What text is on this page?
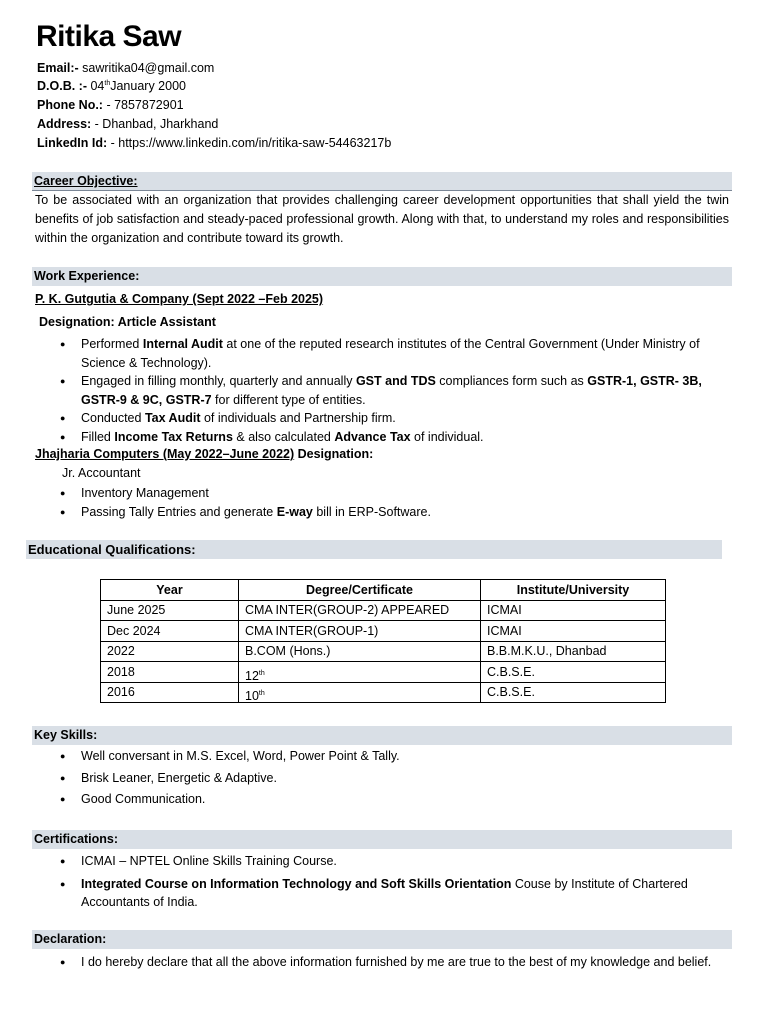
Ritika Saw
Email:- sawritika04@gmail.com
D.O.B. :- 04thJanuary 2000
Phone No.: - 7857872901
Address: - Dhanbad, Jharkhand
LinkedIn Id: - https://www.linkedin.com/in/ritika-saw-54463217b
Career Objective:
To be associated with an organization that provides challenging career development opportunities that shall yield the twin benefits of job satisfaction and steady-paced professional growth. Along with that, to understand my roles and responsibilities within the organization and contribute toward its growth.
Work Experience:
P. K. Gutgutia & Company (Sept 2022 –Feb 2025)
Designation: Article Assistant
● Performed Internal Audit at one of the reputed research institutes of the Central Government (Under Ministry of Science & Technology).
● Engaged in filling monthly, quarterly and annually GST and TDS compliances form such as GSTR-1, GSTR- 3B, GSTR-9 & 9C, GSTR-7 for different type of entities.
● Conducted Tax Audit of individuals and Partnership firm.
● Filled Income Tax Returns & also calculated Advance Tax of individual.
Jhajharia Computers (May 2022–June 2022) Designation:
Jr. Accountant
● Inventory Management
● Passing Tally Entries and generate E-way bill in ERP-Software.
Educational Qualifications:
Year	Degree/Certificate	Institute/University
June 2025	CMA INTER(GROUP-2) APPEARED	ICMAI
Dec 2024	CMA INTER(GROUP-1)	ICMAI
2022	B.COM (Hons.)	B.B.M.K.U., Dhanbad
2018	12th	C.B.S.E.
2016	10th	C.B.S.E.
Key Skills:
● Well conversant in M.S. Excel, Word, Power Point & Tally.
● Brisk Leaner, Energetic & Adaptive.
● Good Communication.
Certifications:
● ICMAI – NPTEL Online Skills Training Course.
● Integrated Course on Information Technology and Soft Skills Orientation Couse by Institute of Chartered Accountants of India.
Declaration:
● I do hereby declare that all the above information furnished by me are true to the best of my knowledge and belief.
